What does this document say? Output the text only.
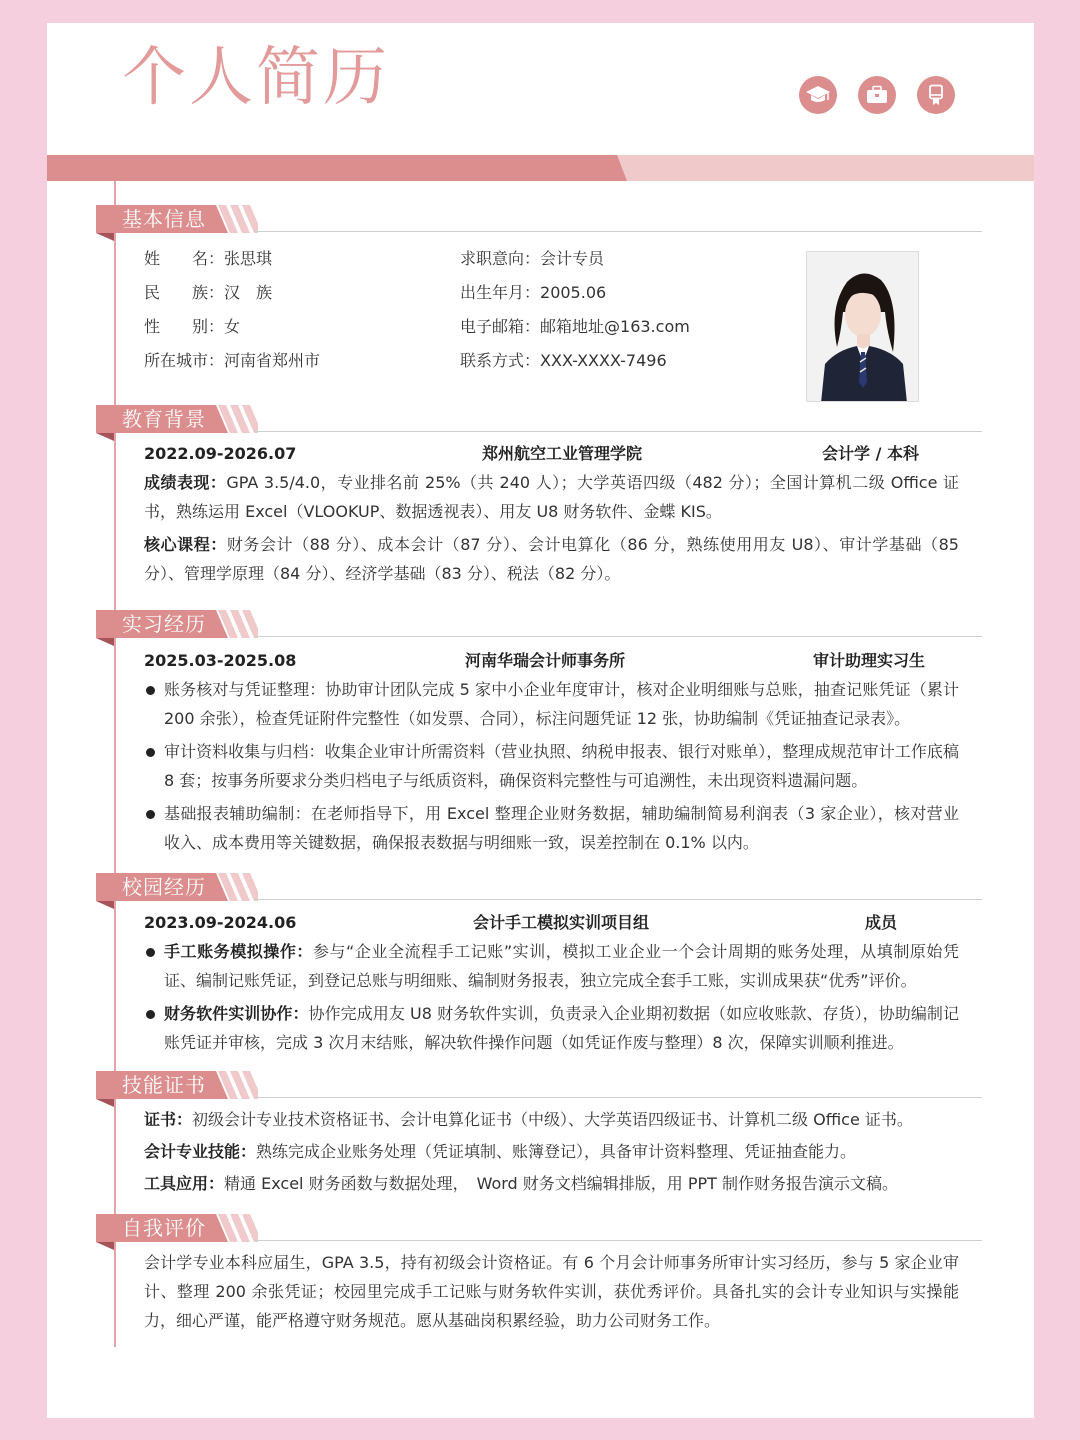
个人简历
基本信息
姓　　名：张思琪
民　　族：汉　族
性　　别：女
所在城市：河南省郑州市
求职意向：会计专员
出生年月：2005.06
电子邮箱：邮箱地址@163.com
联系方式：XXX-XXXX-7496
教育背景
2022.09-2026.07	郑州航空工业管理学院	会计学 / 本科
成绩表现：GPA 3.5/4.0，专业排名前 25%（共 240 人）；大学英语四级（482 分）；全国计算机二级 Office 证书，熟练运用 Excel（VLOOKUP、数据透视表）、用友 U8 财务软件、金蝶 KIS。
核心课程：财务会计（88 分）、成本会计（87 分）、会计电算化（86 分，熟练使用用友 U8）、审计学基础（85 分）、管理学原理（84 分）、经济学基础（83 分）、税法（82 分）。
实习经历
2025.03-2025.08	河南华瑞会计师事务所	审计助理实习生
账务核对与凭证整理：协助审计团队完成 5 家中小企业年度审计，核对企业明细账与总账，抽查记账凭证（累计 200 余张），检查凭证附件完整性（如发票、合同），标注问题凭证 12 张，协助编制《凭证抽查记录表》。
审计资料收集与归档：收集企业审计所需资料（营业执照、纳税申报表、银行对账单），整理成规范审计工作底稿 8 套；按事务所要求分类归档电子与纸质资料，确保资料完整性与可追溯性，未出现资料遗漏问题。
基础报表辅助编制：在老师指导下，用 Excel 整理企业财务数据，辅助编制简易利润表（3 家企业），核对营业收入、成本费用等关键数据，确保报表数据与明细账一致，误差控制在 0.1% 以内。
校园经历
2023.09-2024.06	会计手工模拟实训项目组	成员
手工账务模拟操作：参与“企业全流程手工记账”实训，模拟工业企业一个会计周期的账务处理，从填制原始凭证、编制记账凭证，到登记总账与明细账、编制财务报表，独立完成全套手工账，实训成果获“优秀”评价。
财务软件实训协作：协作完成用友 U8 财务软件实训，负责录入企业期初数据（如应收账款、存货），协助编制记账凭证并审核，完成 3 次月末结账，解决软件操作问题（如凭证作废与整理）8 次，保障实训顺利推进。
技能证书
证书：初级会计专业技术资格证书、会计电算化证书（中级）、大学英语四级证书、计算机二级 Office 证书。
会计专业技能：熟练完成企业账务处理（凭证填制、账簿登记），具备审计资料整理、凭证抽查能力。
工具应用：精通 Excel 财务函数与数据处理，　Word 财务文档编辑排版，用 PPT 制作财务报告演示文稿。
自我评价
会计学专业本科应届生，GPA 3.5，持有初级会计资格证。有 6 个月会计师事务所审计实习经历，参与 5 家企业审计、整理 200 余张凭证；校园里完成手工记账与财务软件实训，获优秀评价。具备扎实的会计专业知识与实操能力，细心严谨，能严格遵守财务规范。愿从基础岗积累经验，助力公司财务工作。
